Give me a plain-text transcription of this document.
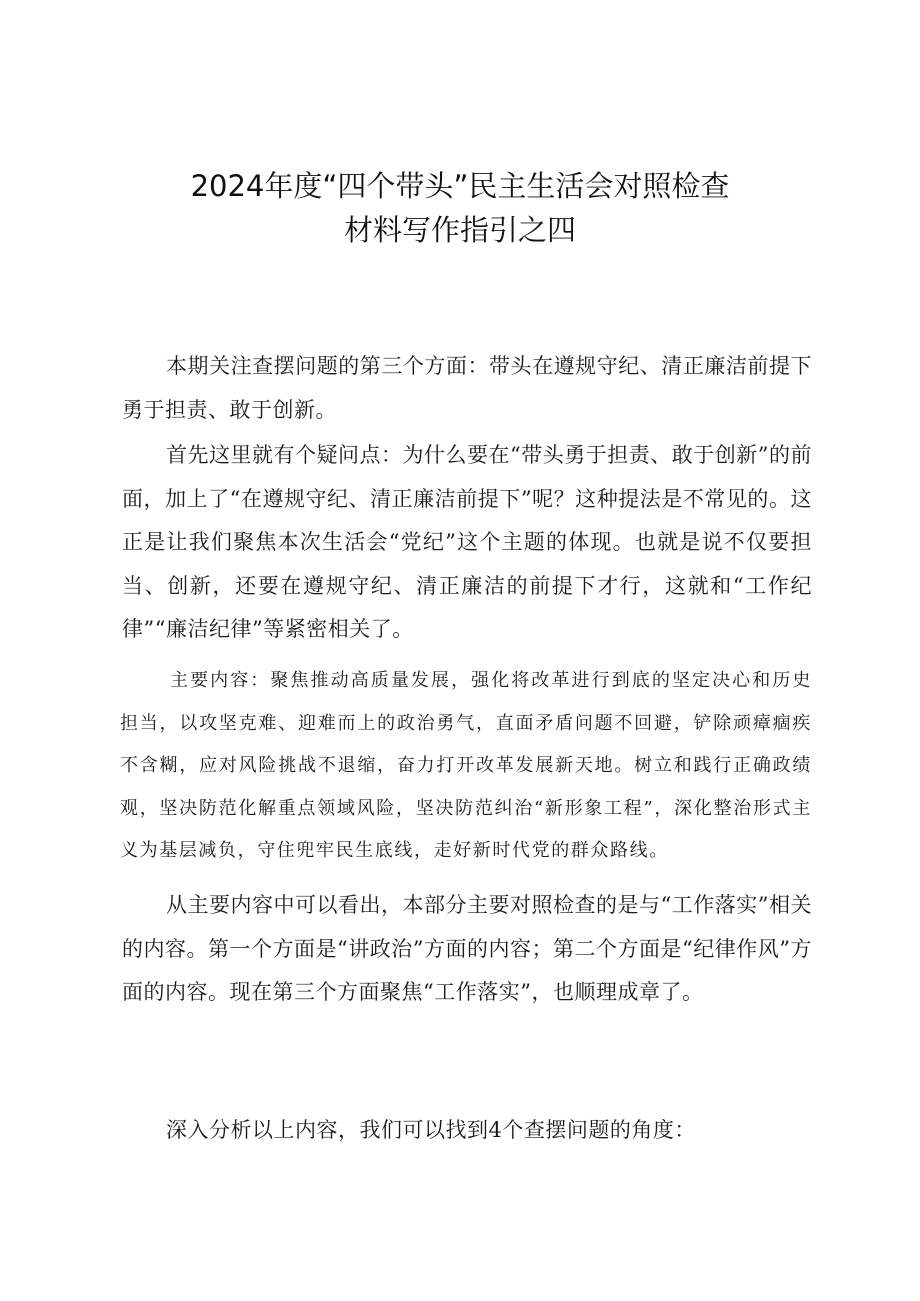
2024年度“四个带头”民主生活会对照检查
材料写作指引之四

本期关注查摆问题的第三个方面：带头在遵规守纪、清正廉洁前提下勇于担责、敢于创新。

首先这里就有个疑问点：为什么要在“带头勇于担责、敢于创新”的前面，加上了“在遵规守纪、清正廉洁前提下”呢？这种提法是不常见的。这正是让我们聚焦本次生活会“党纪”这个主题的体现。也就是说不仅要担当、创新，还要在遵规守纪、清正廉洁的前提下才行，这就和“工作纪律”“廉洁纪律”等紧密相关了。

主要内容：聚焦推动高质量发展，强化将改革进行到底的坚定决心和历史担当，以攻坚克难、迎难而上的政治勇气，直面矛盾问题不回避，铲除顽瘴痼疾不含糊，应对风险挑战不退缩，奋力打开改革发展新天地。树立和践行正确政绩观，坚决防范化解重点领域风险，坚决防范纠治“新形象工程”，深化整治形式主义为基层减负，守住兜牢民生底线，走好新时代党的群众路线。

从主要内容中可以看出，本部分主要对照检查的是与“工作落实”相关的内容。第一个方面是“讲政治”方面的内容；第二个方面是“纪律作风”方面的内容。现在第三个方面聚焦“工作落实”，也顺理成章了。

深入分析以上内容，我们可以找到4个查摆问题的角度：
